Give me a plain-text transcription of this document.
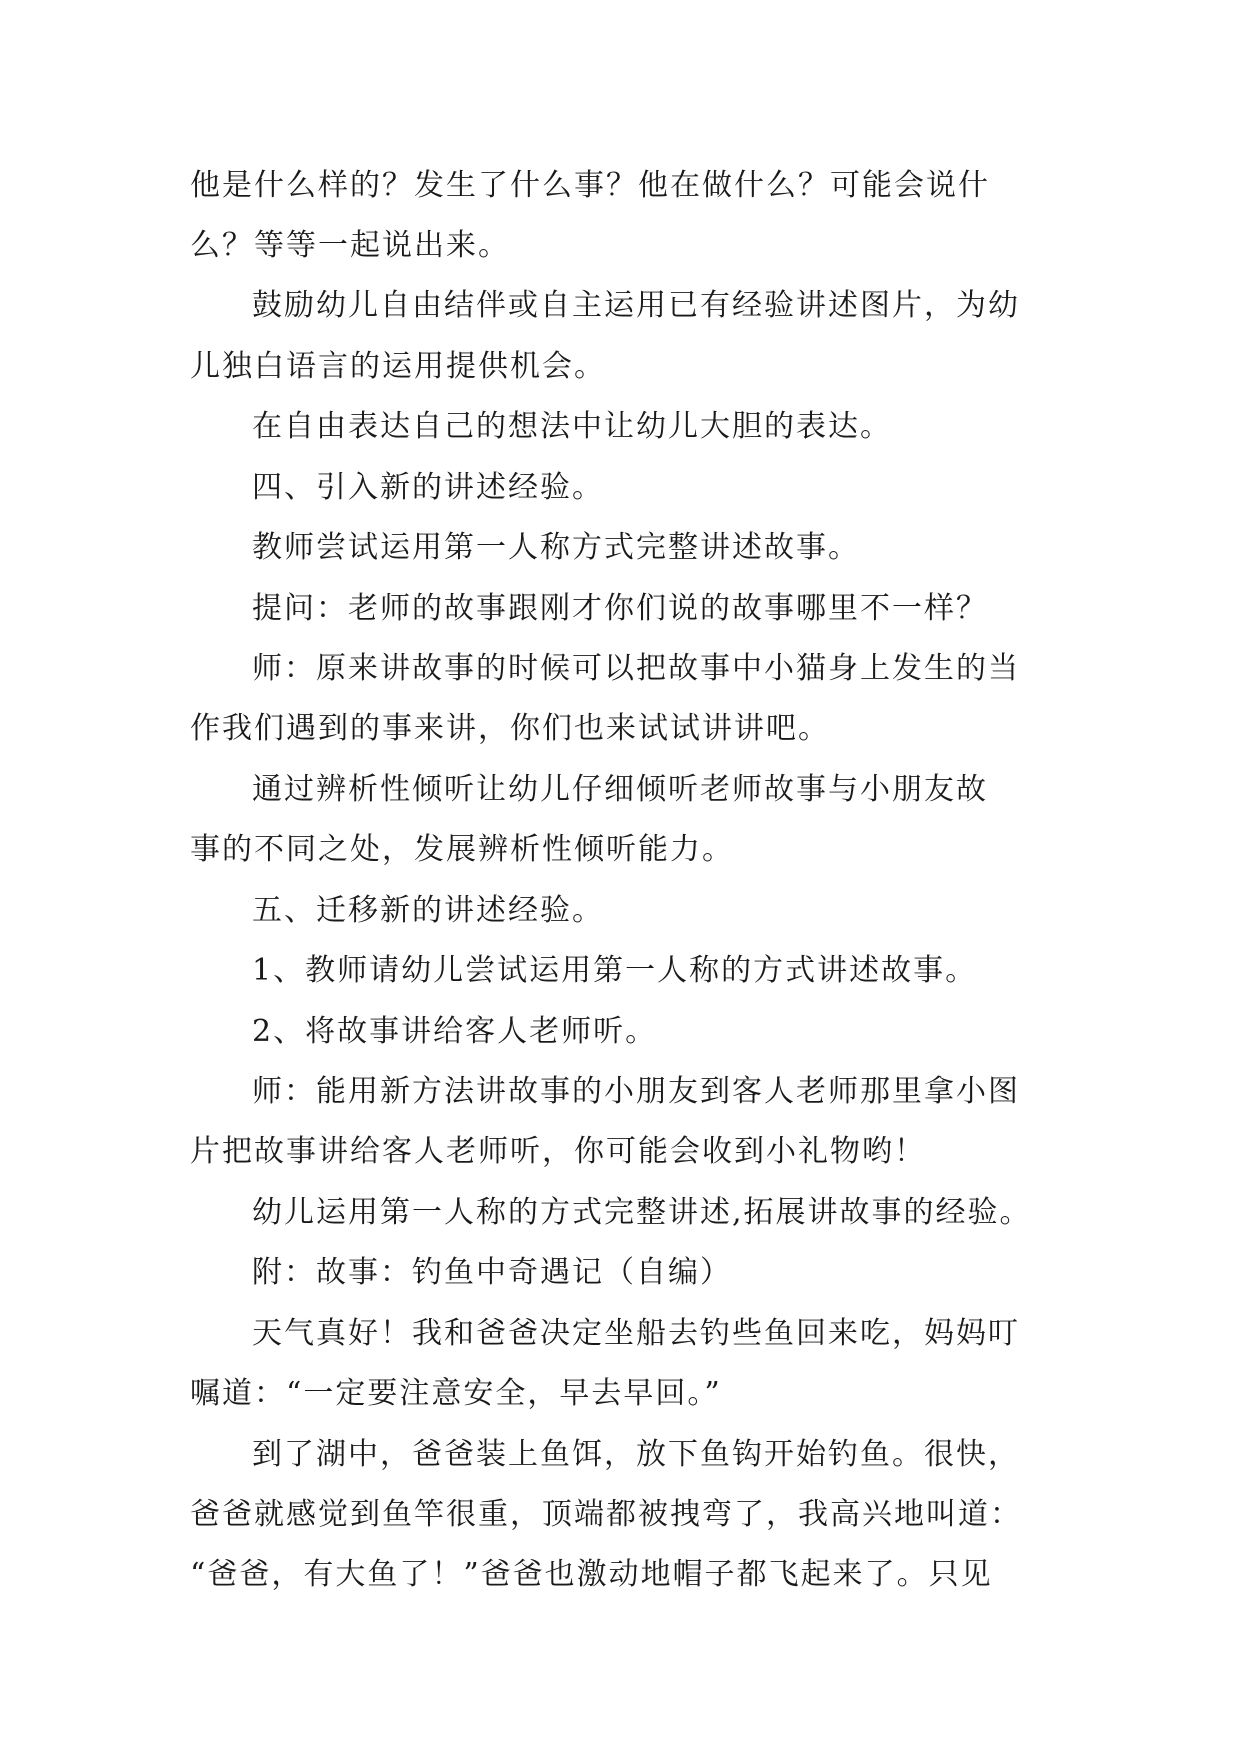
他是什么样的？发生了什么事？他在做什么？可能会说什
么？等等一起说出来。
鼓励幼儿自由结伴或自主运用已有经验讲述图片，为幼
儿独白语言的运用提供机会。
在自由表达自己的想法中让幼儿大胆的表达。
四、引入新的讲述经验。
教师尝试运用第一人称方式完整讲述故事。
提问：老师的故事跟刚才你们说的故事哪里不一样？
师：原来讲故事的时候可以把故事中小猫身上发生的当
作我们遇到的事来讲，你们也来试试讲讲吧。
通过辨析性倾听让幼儿仔细倾听老师故事与小朋友故
事的不同之处，发展辨析性倾听能力。
五、迁移新的讲述经验。
1、教师请幼儿尝试运用第一人称的方式讲述故事。
2、将故事讲给客人老师听。
师：能用新方法讲故事的小朋友到客人老师那里拿小图
片把故事讲给客人老师听，你可能会收到小礼物哟！
幼儿运用第一人称的方式完整讲述,拓展讲故事的经验。
附：故事：钓鱼中奇遇记（自编）
天气真好！我和爸爸决定坐船去钓些鱼回来吃，妈妈叮
嘱道：“一定要注意安全，早去早回。”
到了湖中，爸爸装上鱼饵，放下鱼钩开始钓鱼。很快，
爸爸就感觉到鱼竿很重，顶端都被拽弯了，我高兴地叫道：
“爸爸，有大鱼了！”爸爸也激动地帽子都飞起来了。只见
